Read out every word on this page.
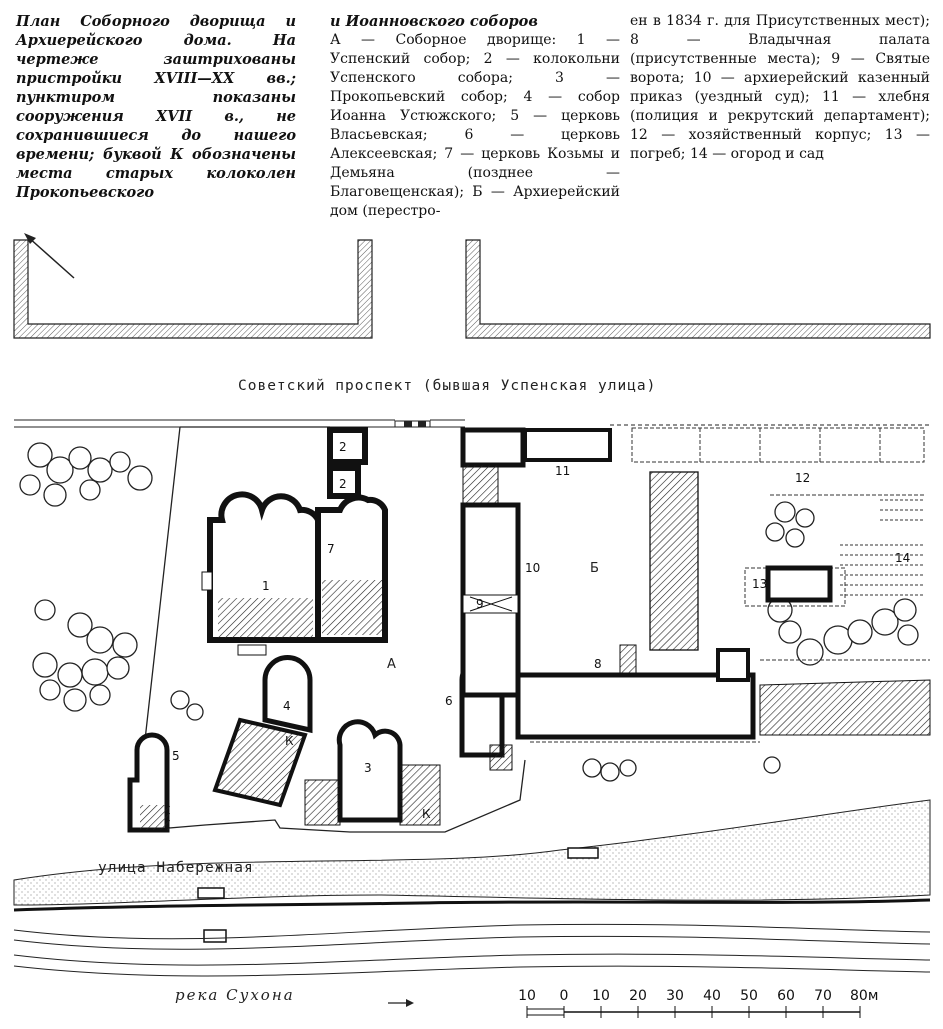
План Соборного дворища и Архиерейского дома. На чертеже заштрихованы пристройки XVIII—XX вв.; пунктиром показаны сооружения XVII в., не сохранившиеся до нашего времени; буквой К обозначены места старых колоколен Прокопьевского
и Иоанновского соборов
А — Соборное дворище: 1 — Успенский собор; 2 — колокольни Успенского собора; 3 — Прокопьевский собор; 4 — собор Иоанна Устюжского; 5 — церковь Власьевская; 6 — церковь Алексеевская; 7 — церковь Козьмы и Демьяна (позднее — Благовещенская); Б — Архиерейский дом (перестро-
ен в 1834 г. для Присутственных мест); 8 — Владычная палата (присутственные места); 9 — Святые ворота; 10 — архиерейский казенный приказ (уездный суд); 11 — хлебня (полиция и рекрутский департамент); 12 — хозяйственный корпус; 13 — погреб; 14 — огород и сад
Советский проспект (бывшая Успенская улица)
2
2
7
1
4
К
5
3
К
6
9
10
11
8
12
13
14
А
Б
улица Набережная
река Сухона	10 0 10 20 30 40 50 60 70 80м
